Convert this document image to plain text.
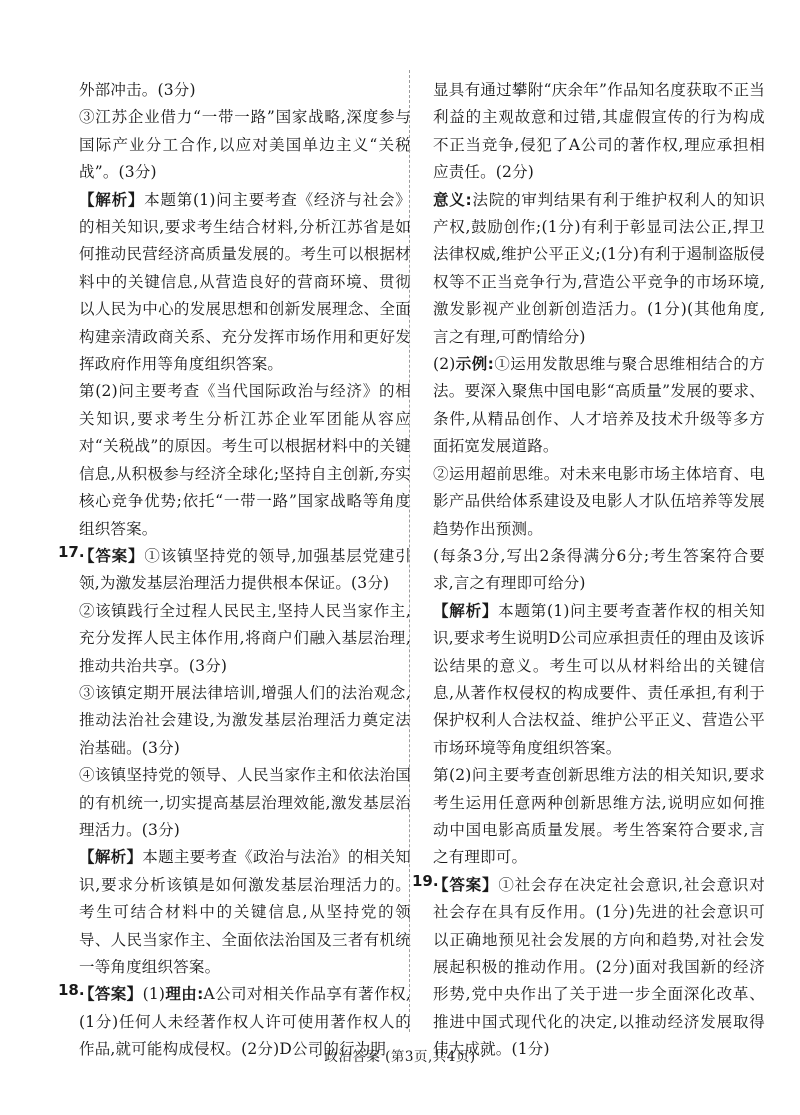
外部冲击。(3分)

③江苏企业借力“一带一路”国家战略,深度参与国际产业分工合作,以应对美国单边主义“关税战”。(3分)

【解析】本题第(1)问主要考查《经济与社会》的相关知识,要求考生结合材料,分析江苏省是如何推动民营经济高质量发展的。考生可以根据材料中的关键信息,从营造良好的营商环境、贯彻以人民为中心的发展思想和创新发展理念、全面构建亲清政商关系、充分发挥市场作用和更好发挥政府作用等角度组织答案。

第(2)问主要考查《当代国际政治与经济》的相关知识,要求考生分析江苏企业军团能从容应对“关税战”的原因。考生可以根据材料中的关键信息,从积极参与经济全球化;坚持自主创新,夯实核心竞争优势;依托“一带一路”国家战略等角度组织答案。

17.

【答案】①该镇坚持党的领导,加强基层党建引领,为激发基层治理活力提供根本保证。(3分)

②该镇践行全过程人民民主,坚持人民当家作主,充分发挥人民主体作用,将商户们融入基层治理,推动共治共享。(3分)

③该镇定期开展法律培训,增强人们的法治观念,推动法治社会建设,为激发基层治理活力奠定法治基础。(3分)

④该镇坚持党的领导、人民当家作主和依法治国的有机统一,切实提高基层治理效能,激发基层治理活力。(3分)

【解析】本题主要考查《政治与法治》的相关知识,要求分析该镇是如何激发基层治理活力的。考生可结合材料中的关键信息,从坚持党的领导、人民当家作主、全面依法治国及三者有机统一等角度组织答案。

18.

【答案】(1)理由:A公司对相关作品享有著作权,(1分)任何人未经著作权人许可使用著作权人的作品,就可能构成侵权。(2分)D公司的行为明

显具有通过攀附“庆余年”作品知名度获取不正当利益的主观故意和过错,其虚假宣传的行为构成不正当竞争,侵犯了A公司的著作权,理应承担相应责任。(2分)

意义:法院的审判结果有利于维护权利人的知识产权,鼓励创作;(1分)有利于彰显司法公正,捍卫法律权威,维护公平正义;(1分)有利于遏制盗版侵权等不正当竞争行为,营造公平竞争的市场环境,激发影视产业创新创造活力。(1分)(其他角度,言之有理,可酌情给分)

(2)示例:①运用发散思维与聚合思维相结合的方法。要深入聚焦中国电影“高质量”发展的要求、条件,从精品创作、人才培养及技术升级等多方面拓宽发展道路。

②运用超前思维。对未来电影市场主体培育、电影产品供给体系建设及电影人才队伍培养等发展趋势作出预测。

(每条3分,写出2条得满分6分;考生答案符合要求,言之有理即可给分)

【解析】本题第(1)问主要考查著作权的相关知识,要求考生说明D公司应承担责任的理由及该诉讼结果的意义。考生可以从材料给出的关键信息,从著作权侵权的构成要件、责任承担,有利于保护权利人合法权益、维护公平正义、营造公平市场环境等角度组织答案。

第(2)问主要考查创新思维方法的相关知识,要求考生运用任意两种创新思维方法,说明应如何推动中国电影高质量发展。考生答案符合要求,言之有理即可。

19.

【答案】①社会存在决定社会意识,社会意识对社会存在具有反作用。(1分)先进的社会意识可以正确地预见社会发展的方向和趋势,对社会发展起积极的推动作用。(2分)面对我国新的经济形势,党中央作出了关于进一步全面深化改革、推进中国式现代化的决定,以推动经济发展取得伟大成就。(1分)

· 政治答案 (第3页,共4页) ·
